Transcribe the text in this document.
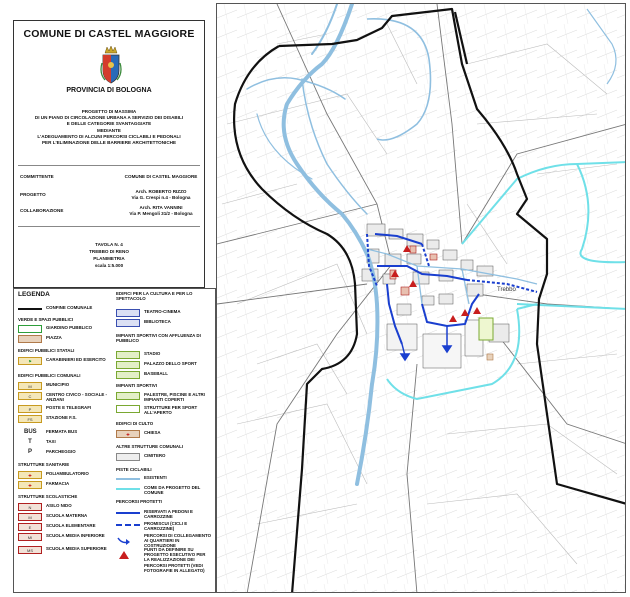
COMUNE DI CASTEL MAGGIORE
PROVINCIA DI BOLOGNA
PROGETTO DI MASSIMA
DI UN PIANO DI CIRCOLAZIONE URBANA A SERVIZIO DEI DISABILI
E DELLE CATEGORIE SVANTAGGIATE
MEDIANTE
L'ADEGUAMENTO DI ALCUNI PERCORSI CICLABILI E PEDONALI
PER L'ELIMINAZIONE DELLE BARRIERE ARCHITETTONICHE
COMMITTENTE	COMUNE DI CASTEL MAGGIORE
PROGETTO
Arch. ROBERTO RIZZO
Via G. Crespi n.4 - Bologna
COLLABORAZIONE
Arch. RITA VANNINI
Via P. Mengoli 31/2 - Bologna
TAVOLA N. 4
TREBBO DI RENO
PLANIMETRIA
scala 1:5.000
LEGENDA
CONFINE COMUNALE
VERDE E SPAZI PUBBLICI
GIARDINO PUBBLICO
PIAZZA
EDIFICI PUBBLICI STATALI
⚑	CARABINIERI ED ESERCITO
EDIFICI PUBBLICI COMUNALI
M	MUNICIPIO
C	CENTRO CIVICO - SOCIALE - ANZIANI
P	POSTE E TELEGRAFI
FS	STAZIONE F.S.
BUS FERMATA BUS
T	TAXI
P	PARCHEGGIO
STRUTTURE SANITARIE
✚	POLIAMBULATORIO
✚	FARMACIA
STRUTTURE SCOLASTICHE
N	ASILO NIDO
M	SCUOLA MATERNA
E	SCUOLA ELEMENTARE
MI	SCUOLA MEDIA INFERIORE
MS	SCUOLA MEDIA SUPERIORE
EDIFICI PER LA CULTURA E PER LO SPETTACOLO
TEATRO-CINEMA
BIBLIOTECA
IMPIANTI SPORTIVI CON AFFLUENZA DI PUBBLICO
STADIO
PALAZZO DELLO SPORT
BASEBALL
IMPIANTI SPORTIVI
PALESTRE, PISCINE E ALTRI IMPIANTI COPERTI
STRUTTURE PER SPORT ALL'APERTO
EDIFICI DI CULTO
✚	CHIESA
ALTRE STRUTTURE COMUNALI
CIMITERO
PISTE CICLABILI
ESISTENTI
COME DA PROGETTO DEL COMUNE
PERCORSI PROTETTI
RISERVATI A PEDONI E CARROZZINE
PROMISCUI (CICLI E CARROZZINE)
PERCORSI DI COLLEGAMENTO AI QUARTIERI IN COSTRUZIONE
PUNTI DA DEFINIRE SU PROGETTO ESECUTIVO PER LA REALIZZAZIONE DEI PERCORSI PROTETTI (VEDI FOTOGRAFIE IN ALLEGATO)
Trebbo
